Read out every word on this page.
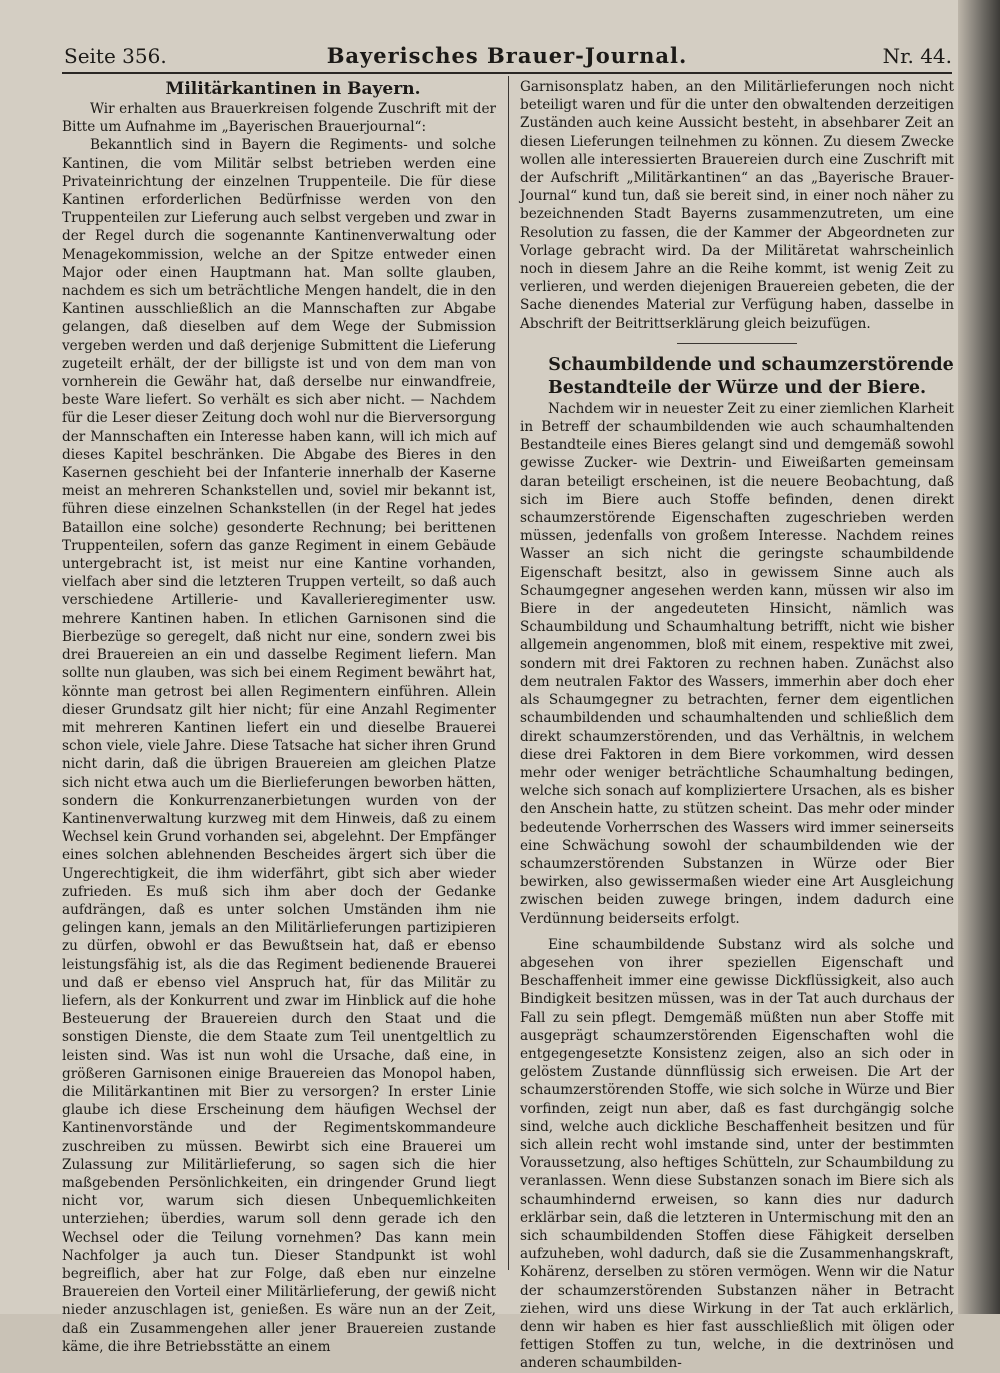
Seite 356.	Bayerisches Brauer-Journal.	Nr. 44.

Militärkantinen in Bayern.

Wir erhalten aus Brauerkreisen folgende Zuschrift mit der Bitte um Aufnahme im „Bayerischen Brauerjournal“:

Bekanntlich sind in Bayern die Regiments- und solche Kantinen, die vom Militär selbst betrieben werden eine Privateinrichtung der einzelnen Truppenteile. Die für diese Kantinen erforderlichen Bedürfnisse werden von den Truppenteilen zur Lieferung auch selbst vergeben und zwar in der Regel durch die sogenannte Kantinenverwaltung oder Menagekommission, welche an der Spitze entweder einen Major oder einen Hauptmann hat. Man sollte glauben, nachdem es sich um beträchtliche Mengen handelt, die in den Kantinen ausschließlich an die Mannschaften zur Abgabe gelangen, daß dieselben auf dem Wege der Submission vergeben werden und daß derjenige Submittent die Lieferung zugeteilt erhält, der der billigste ist und von dem man von vornherein die Gewähr hat, daß derselbe nur einwandfreie, beste Ware liefert. So verhält es sich aber nicht. — Nachdem für die Leser dieser Zeitung doch wohl nur die Bierversorgung der Mannschaften ein Interesse haben kann, will ich mich auf dieses Kapitel beschränken. Die Abgabe des Bieres in den Kasernen geschieht bei der Infanterie innerhalb der Kaserne meist an mehreren Schankstellen und, soviel mir bekannt ist, führen diese einzelnen Schankstellen (in der Regel hat jedes Bataillon eine solche) gesonderte Rechnung; bei berittenen Truppenteilen, sofern das ganze Regiment in einem Gebäude untergebracht ist, ist meist nur eine Kantine vorhanden, vielfach aber sind die letzteren Truppen verteilt, so daß auch verschiedene Artillerie- und Kavallerieregimenter usw. mehrere Kantinen haben. In etlichen Garnisonen sind die Bierbezüge so geregelt, daß nicht nur eine, sondern zwei bis drei Brauereien an ein und dasselbe Regiment liefern. Man sollte nun glauben, was sich bei einem Regiment bewährt hat, könnte man getrost bei allen Regimentern einführen. Allein dieser Grundsatz gilt hier nicht; für eine Anzahl Regimenter mit mehreren Kantinen liefert ein und dieselbe Brauerei schon viele, viele Jahre. Diese Tatsache hat sicher ihren Grund nicht darin, daß die übrigen Brauereien am gleichen Platze sich nicht etwa auch um die Bierlieferungen beworben hätten, sondern die Konkurrenzanerbietungen wurden von der Kantinenverwaltung kurzweg mit dem Hinweis, daß zu einem Wechsel kein Grund vorhanden sei, abgelehnt. Der Empfänger eines solchen ablehnenden Bescheides ärgert sich über die Ungerechtigkeit, die ihm widerfährt, gibt sich aber wieder zufrieden. Es muß sich ihm aber doch der Gedanke aufdrängen, daß es unter solchen Umständen ihm nie gelingen kann, jemals an den Militärlieferungen partizipieren zu dürfen, obwohl er das Bewußtsein hat, daß er ebenso leistungsfähig ist, als die das Regiment bedienende Brauerei und daß er ebenso viel Anspruch hat, für das Militär zu liefern, als der Konkurrent und zwar im Hinblick auf die hohe Besteuerung der Brauereien durch den Staat und die sonstigen Dienste, die dem Staate zum Teil unentgeltlich zu leisten sind. Was ist nun wohl die Ursache, daß eine, in größeren Garnisonen einige Brauereien das Monopol haben, die Militärkantinen mit Bier zu versorgen? In erster Linie glaube ich diese Erscheinung dem häufigen Wechsel der Kantinenvorstände und der Regimentskommandeure zuschreiben zu müssen. Bewirbt sich eine Brauerei um Zulassung zur Militärlieferung, so sagen sich die hier maßgebenden Persönlichkeiten, ein dringender Grund liegt nicht vor, warum sich diesen Unbequemlichkeiten unterziehen; überdies, warum soll denn gerade ich den Wechsel oder die Teilung vornehmen? Das kann mein Nachfolger ja auch tun. Dieser Standpunkt ist wohl begreiflich, aber hat zur Folge, daß eben nur einzelne Brauereien den Vorteil einer Militärlieferung, der gewiß nicht nieder anzuschlagen ist, genießen. Es wäre nun an der Zeit, daß ein Zusammengehen aller jener Brauereien zustande käme, die ihre Betriebsstätte an einem

Garnisonsplatz haben, an den Militärlieferungen noch nicht beteiligt waren und für die unter den obwaltenden derzeitigen Zuständen auch keine Aussicht besteht, in absehbarer Zeit an diesen Lieferungen teilnehmen zu können. Zu diesem Zwecke wollen alle interessierten Brauereien durch eine Zuschrift mit der Aufschrift „Militärkantinen“ an das „Bayerische Brauer-Journal“ kund tun, daß sie bereit sind, in einer noch näher zu bezeichnenden Stadt Bayerns zusammenzutreten, um eine Resolution zu fassen, die der Kammer der Abgeordneten zur Vorlage gebracht wird. Da der Militäretat wahrscheinlich noch in diesem Jahre an die Reihe kommt, ist wenig Zeit zu verlieren, und werden diejenigen Brauereien gebeten, die der Sache dienendes Material zur Verfügung haben, dasselbe in Abschrift der Beitrittserklärung gleich beizufügen.

Schaumbildende und schaumzerstörende Bestandteile der Würze und der Biere.

Nachdem wir in neuester Zeit zu einer ziemlichen Klarheit in Betreff der schaumbildenden wie auch schaumhaltenden Bestandteile eines Bieres gelangt sind und demgemäß sowohl gewisse Zucker- wie Dextrin- und Eiweißarten gemeinsam daran beteiligt erscheinen, ist die neuere Beobachtung, daß sich im Biere auch Stoffe befinden, denen direkt schaumzerstörende Eigenschaften zugeschrieben werden müssen, jedenfalls von großem Interesse. Nachdem reines Wasser an sich nicht die geringste schaumbildende Eigenschaft besitzt, also in gewissem Sinne auch als Schaumgegner angesehen werden kann, müssen wir also im Biere in der angedeuteten Hinsicht, nämlich was Schaumbildung und Schaumhaltung betrifft, nicht wie bisher allgemein angenommen, bloß mit einem, respektive mit zwei, sondern mit drei Faktoren zu rechnen haben. Zunächst also dem neutralen Faktor des Wassers, immerhin aber doch eher als Schaumgegner zu betrachten, ferner dem eigentlichen schaumbildenden und schaumhaltenden und schließlich dem direkt schaumzerstörenden, und das Verhältnis, in welchem diese drei Faktoren in dem Biere vorkommen, wird dessen mehr oder weniger beträchtliche Schaumhaltung bedingen, welche sich sonach auf kompliziertere Ursachen, als es bisher den Anschein hatte, zu stützen scheint. Das mehr oder minder bedeutende Vorherrschen des Wassers wird immer seinerseits eine Schwächung sowohl der schaumbildenden wie der schaumzerstörenden Substanzen in Würze oder Bier bewirken, also gewissermaßen wieder eine Art Ausgleichung zwischen beiden zuwege bringen, indem dadurch eine Verdünnung beiderseits erfolgt.

Eine schaumbildende Substanz wird als solche und abgesehen von ihrer speziellen Eigenschaft und Beschaffenheit immer eine gewisse Dickflüssigkeit, also auch Bindigkeit besitzen müssen, was in der Tat auch durchaus der Fall zu sein pflegt. Demgemäß müßten nun aber Stoffe mit ausgeprägt schaumzerstörenden Eigenschaften wohl die entgegengesetzte Konsistenz zeigen, also an sich oder in gelöstem Zustande dünnflüssig sich erweisen. Die Art der schaumzerstörenden Stoffe, wie sich solche in Würze und Bier vorfinden, zeigt nun aber, daß es fast durchgängig solche sind, welche auch dickliche Beschaffenheit besitzen und für sich allein recht wohl imstande sind, unter der bestimmten Voraussetzung, also heftiges Schütteln, zur Schaumbildung zu veranlassen. Wenn diese Substanzen sonach im Biere sich als schaumhindernd erweisen, so kann dies nur dadurch erklärbar sein, daß die letzteren in Untermischung mit den an sich schaumbildenden Stoffen diese Fähigkeit derselben aufzuheben, wohl dadurch, daß sie die Zusammenhangskraft, Kohärenz, derselben zu stören vermögen. Wenn wir die Natur der schaumzerstörenden Substanzen näher in Betracht ziehen, wird uns diese Wirkung in der Tat auch erklärlich, denn wir haben es hier fast ausschließlich mit öligen oder fettigen Stoffen zu tun, welche, in die dextrinösen und anderen schaumbilden-
